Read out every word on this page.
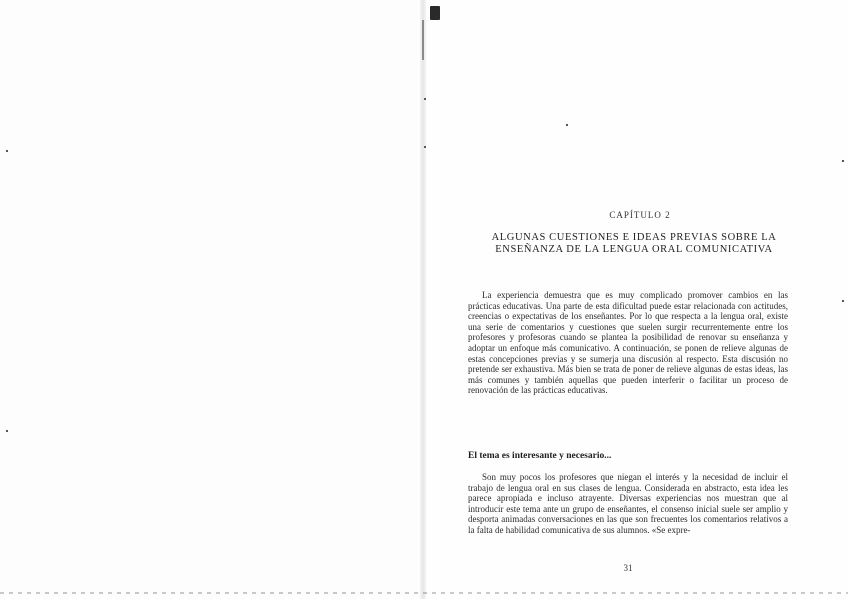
CAPÍTULO 2
ALGUNAS CUESTIONES E IDEAS PREVIAS SOBRE LA ENSEÑANZA DE LA LENGUA ORAL COMUNICATIVA
La experiencia demuestra que es muy complicado promover cambios en las prácticas educativas. Una parte de esta dificultad puede estar relacionada con actitudes, creencias o expectativas de los enseñantes. Por lo que respecta a la lengua oral, existe una serie de comentarios y cuestiones que suelen surgir recurrentemente entre los profesores y profesoras cuando se plantea la posibilidad de renovar su enseñanza y adoptar un enfoque más comunicativo. A continuación, se ponen de relieve algunas de estas concepciones previas y se sumerja una discusión al respecto. Esta discusión no pretende ser exhaustiva. Más bien se trata de poner de relieve algunas de estas ideas, las más comunes y también aquellas que pueden interferir o facilitar un proceso de renovación de las prácticas educativas.
El tema es interesante y necesario...
Son muy pocos los profesores que niegan el interés y la necesidad de incluir el trabajo de lengua oral en sus clases de lengua. Considerada en abstracto, esta idea les parece apropiada e incluso atrayente. Diversas experiencias nos muestran que al introducir este tema ante un grupo de enseñantes, el consenso inicial suele ser amplio y desporta animadas conversaciones en las que son frecuentes los comentarios relativos a la falta de habilidad comunicativa de sus alumnos. «Se expre-
31
